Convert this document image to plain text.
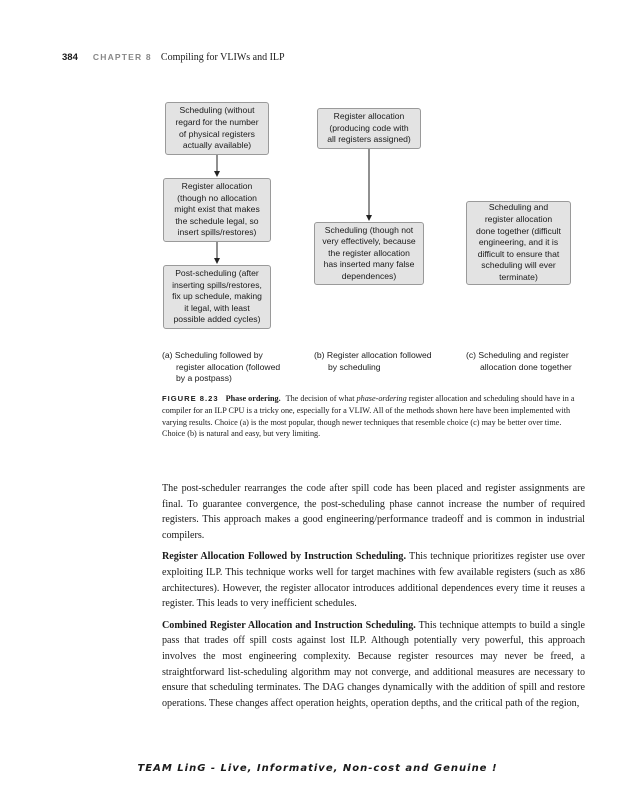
384 CHAPTER 8 Compiling for VLIWs and ILP
Scheduling (without
regard for the number
of physical registers
actually available)
Register allocation
(though no allocation
might exist that makes
the schedule legal, so
insert spills/restores)
Post-scheduling (after
inserting spills/restores,
fix up schedule, making
it legal, with least
possible added cycles)
Register allocation
(producing code with
all registers assigned)
Scheduling (though not
very effectively, because
the register allocation
has inserted many false
dependences)
Scheduling and
register allocation
done together (difficult
engineering, and it is
difficult to ensure that
scheduling will ever
terminate)
(a) Scheduling followed by
register allocation (followed
by a postpass)
(b) Register allocation followed
by scheduling
(c) Scheduling and register
allocation done together
FIGURE 8.23 Phase ordering. The decision of what phase-ordering register allocation and scheduling should have in a compiler for an ILP CPU is a tricky one, especially for a VLIW. All of the methods shown here have been implemented with varying results. Choice (a) is the most popular, though newer techniques that resemble choice (c) may be better over time. Choice (b) is natural and easy, but very limiting.

The post-scheduler rearranges the code after spill code has been placed and register assignments are final. To guarantee convergence, the post-scheduling phase cannot increase the number of required registers. This approach makes a good engineering/performance tradeoff and is common in industrial compilers.

Register Allocation Followed by Instruction Scheduling. This technique prioritizes register use over exploiting ILP. This technique works well for target machines with few available registers (such as x86 architectures). However, the register allocator introduces additional dependences every time it reuses a register. This leads to very inefficient schedules.

Combined Register Allocation and Instruction Scheduling. This technique attempts to build a single pass that trades off spill costs against lost ILP. Although potentially very powerful, this approach involves the most engineering complexity. Because register resources may never be freed, a straightforward list-scheduling algorithm may not converge, and additional measures are necessary to ensure that scheduling terminates. The DAG changes dynamically with the addition of spill and restore operations. These changes affect operation heights, operation depths, and the critical path of the region,

TEAM LinG - Live, Informative, Non-cost and Genuine !
